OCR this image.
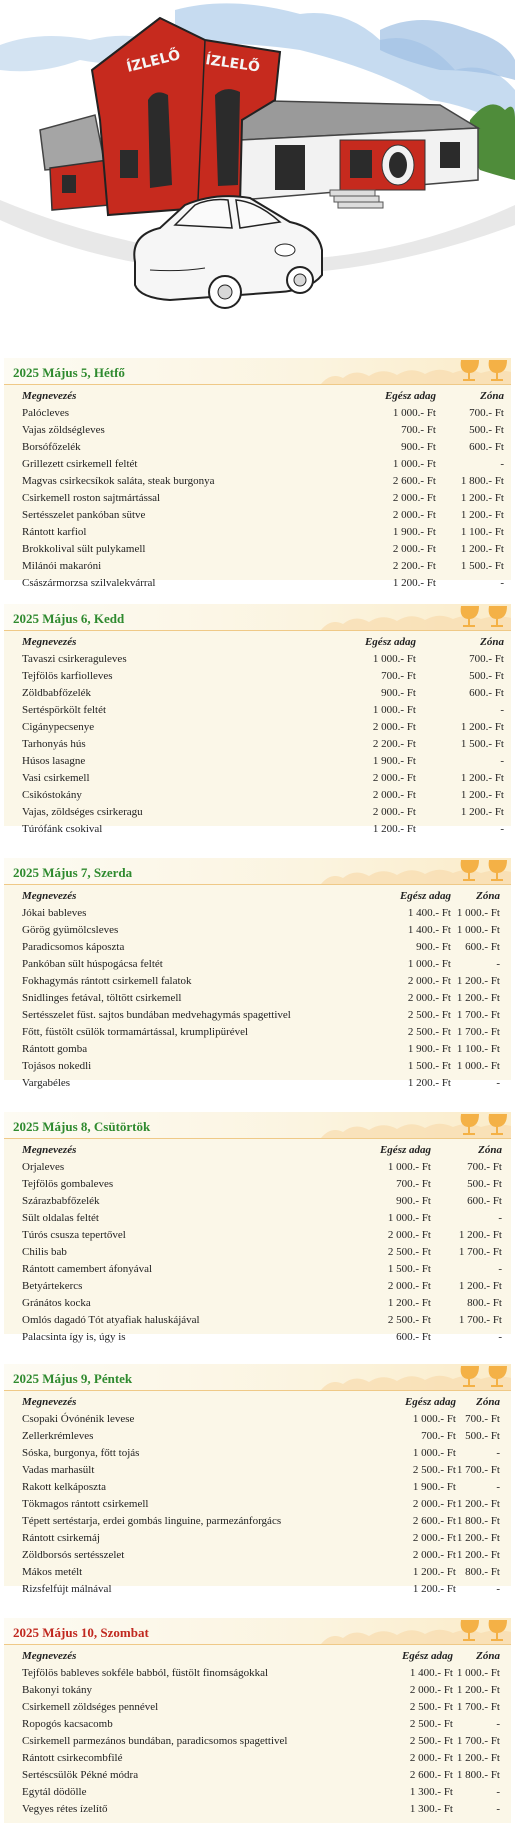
ÍZLELŐ ÍZLELŐ
2025 Május 5, Hétfő
Megnevezés	Egész adag	Zóna
Palócleves	1 000.- Ft	700.- Ft
Vajas zöldségleves	700.- Ft	500.- Ft
Borsófőzelék	900.- Ft	600.- Ft
Grillezett csirkemell feltét	1 000.- Ft	-
Magvas csirkecsíkok saláta, steak burgonya	2 600.- Ft 1 800.- Ft
Csirkemell roston sajtmártással	2 000.- Ft 1 200.- Ft
Sertésszelet pankóban sütve	2 000.- Ft 1 200.- Ft
Rántott karfiol	1 900.- Ft 1 100.- Ft
Brokkolival sült pulykamell	2 000.- Ft 1 200.- Ft
Milánói makaróni	2 200.- Ft 1 500.- Ft
Császármorzsa szilvalekvárral	1 200.- Ft	-
2025 Május 6, Kedd
Megnevezés	Egész adag	Zóna
Tavaszi csirkeraguleves	1 000.- Ft	700.- Ft
Tejfölös karfiolleves	700.- Ft	500.- Ft
Zöldbabfőzelék	900.- Ft	600.- Ft
Sertéspörkölt feltét	1 000.- Ft	-
Cigánypecsenye	2 000.- Ft	1 200.- Ft
Tarhonyás hús	2 200.- Ft	1 500.- Ft
Húsos lasagne	1 900.- Ft	-
Vasi csirkemell	2 000.- Ft	1 200.- Ft
Csikóstokány	2 000.- Ft	1 200.- Ft
Vajas, zöldséges csirkeragu	2 000.- Ft	1 200.- Ft
Túrófánk csokival	1 200.- Ft	-
2025 Május 7, Szerda
Megnevezés	Egész adag Zóna
Jókai bableves	1 400.- Ft 1 000.- Ft
Görög gyümölcsleves	1 400.- Ft 1 000.- Ft
Paradicsomos káposzta	900.- Ft 600.- Ft
Pankóban sült húspogácsa feltét	1 000.- Ft	-
Fokhagymás rántott csirkemell falatok	2 000.- Ft 1 200.- Ft
Snidlinges fetával, töltött csirkemell	2 000.- Ft 1 200.- Ft
Sertésszelet füst. sajtos bundában medvehagymás spagettivel	2 500.- Ft 1 700.- Ft
Főtt, füstölt csülök tormamártással, krumplipürével	2 500.- Ft 1 700.- Ft
Rántott gomba	1 900.- Ft 1 100.- Ft
Tojásos nokedli	1 500.- Ft 1 000.- Ft
Vargabéles	1 200.- Ft	-
2025 Május 8, Csütörtök
Megnevezés	Egész adag	Zóna
Orjaleves	1 000.- Ft	700.- Ft
Tejfölös gombaleves	700.- Ft	500.- Ft
Szárazbabfőzelék	900.- Ft	600.- Ft
Sült oldalas feltét	1 000.- Ft	-
Túrós csusza tepertővel	2 000.- Ft	1 200.- Ft
Chilis bab	2 500.- Ft	1 700.- Ft
Rántott camembert áfonyával	1 500.- Ft	-
Betyártekercs	2 000.- Ft	1 200.- Ft
Gránátos kocka	1 200.- Ft	800.- Ft
Omlós dagadó Tót atyafiak haluskájával	2 500.- Ft	1 700.- Ft
Palacsinta így is, úgy is	600.- Ft	-
2025 Május 9, Péntek
Megnevezés	Egész adag Zóna
Csopaki Óvónénik levese	1 000.- Ft 700.- Ft
Zellerkrémleves	700.- Ft 500.- Ft
Sóska, burgonya, főtt tojás	1 000.- Ft	-
Vadas marhasült	2 500.- Ft 1 700.- Ft
Rakott kelkáposzta	1 900.- Ft	-
Tökmagos rántott csirkemell	2 000.- Ft 1 200.- Ft
Tépett sertéstarja, erdei gombás linguine, parmezánforgács	2 600.- Ft 1 800.- Ft
Rántott csirkemáj	2 000.- Ft 1 200.- Ft
Zöldborsós sertésszelet	2 000.- Ft 1 200.- Ft
Mákos metélt	1 200.- Ft 800.- Ft
Rizsfelfújt málnával	1 200.- Ft	-
2025 Május 10, Szombat
Megnevezés	Egész adag Zóna
Tejfölös bableves sokféle babból, füstölt finomságokkal	1 400.- Ft 1 000.- Ft
Bakonyi tokány	2 000.- Ft 1 200.- Ft
Csirkemell zöldséges pennével	2 500.- Ft 1 700.- Ft
Ropogós kacsacomb	2 500.- Ft	-
Csirkemell parmezános bundában, paradicsomos spagettivel	2 500.- Ft 1 700.- Ft
Rántott csirkecombfilé	2 000.- Ft 1 200.- Ft
Sertéscsülök Pékné módra	2 600.- Ft 1 800.- Ft
Egytál dödölle	1 300.- Ft	-
Vegyes rétes ízelítő	1 300.- Ft	-
